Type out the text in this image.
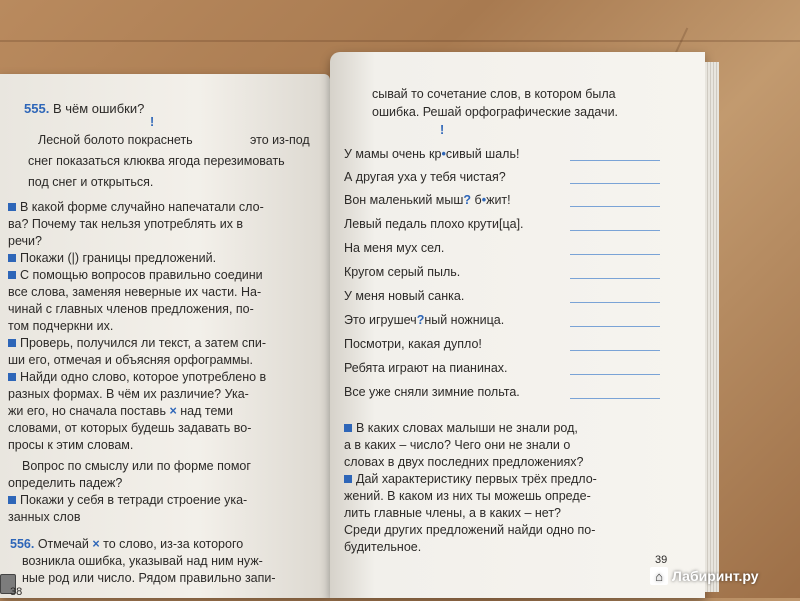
555. В чём ошибки?
!
Лесной болото покраснеть	это из-под
снег показаться клюква ягода перезимовать
под снег и открыться.
В какой форме случайно напечатали сло-
ва? Почему так нельзя употреблять их в
речи?
Покажи (|) границы предложений.
С помощью вопросов правильно соедини
все слова, заменяя неверные их части. На-
чинай с главных членов предложения, по-
том подчеркни их.
Проверь, получился ли текст, а затем спи-
ши его, отмечая и объясняя орфограммы.
Найди одно слово, которое употреблено в
разных формах. В чём их различие? Ука-
жи его, но сначала поставь × над теми
словами, от которых будешь задавать во-
просы к этим словам.
Вопрос по смыслу или по форме помог
определить падеж?
Покажи у себя в тетради строение ука-
занных слов
556. Отмечай × то слово, из-за которого
возникла ошибка, указывай над ним нуж-
ные род или число. Рядом правильно запи-
38
сывай то сочетание слов, в котором была
ошибка. Решай орфографические задачи.
!
У мамы очень кр•сивый шаль!
А другая уха у тебя чистая?
Вон маленький мыш? б•жит!
Левый педаль плохо крути[ца].
На меня мух сел.
Кругом серый пыль.
У меня новый санка.
Это игрушеч?ный ножница.
Посмотри, какая дупло!
Ребята играют на пианинах.
Все уже сняли зимние польта.
В каких словах малыши не знали род,
а в каких – число? Чего они не знали о
словах в двух последних предложениях?
Дай характеристику первых трёх предло-
жений. В каком из них ты можешь опреде-
лить главные члены, а в каких – нет?
Среди других предложений найди одно по-
будительное.
39
⌂ Лабиринт.ру
